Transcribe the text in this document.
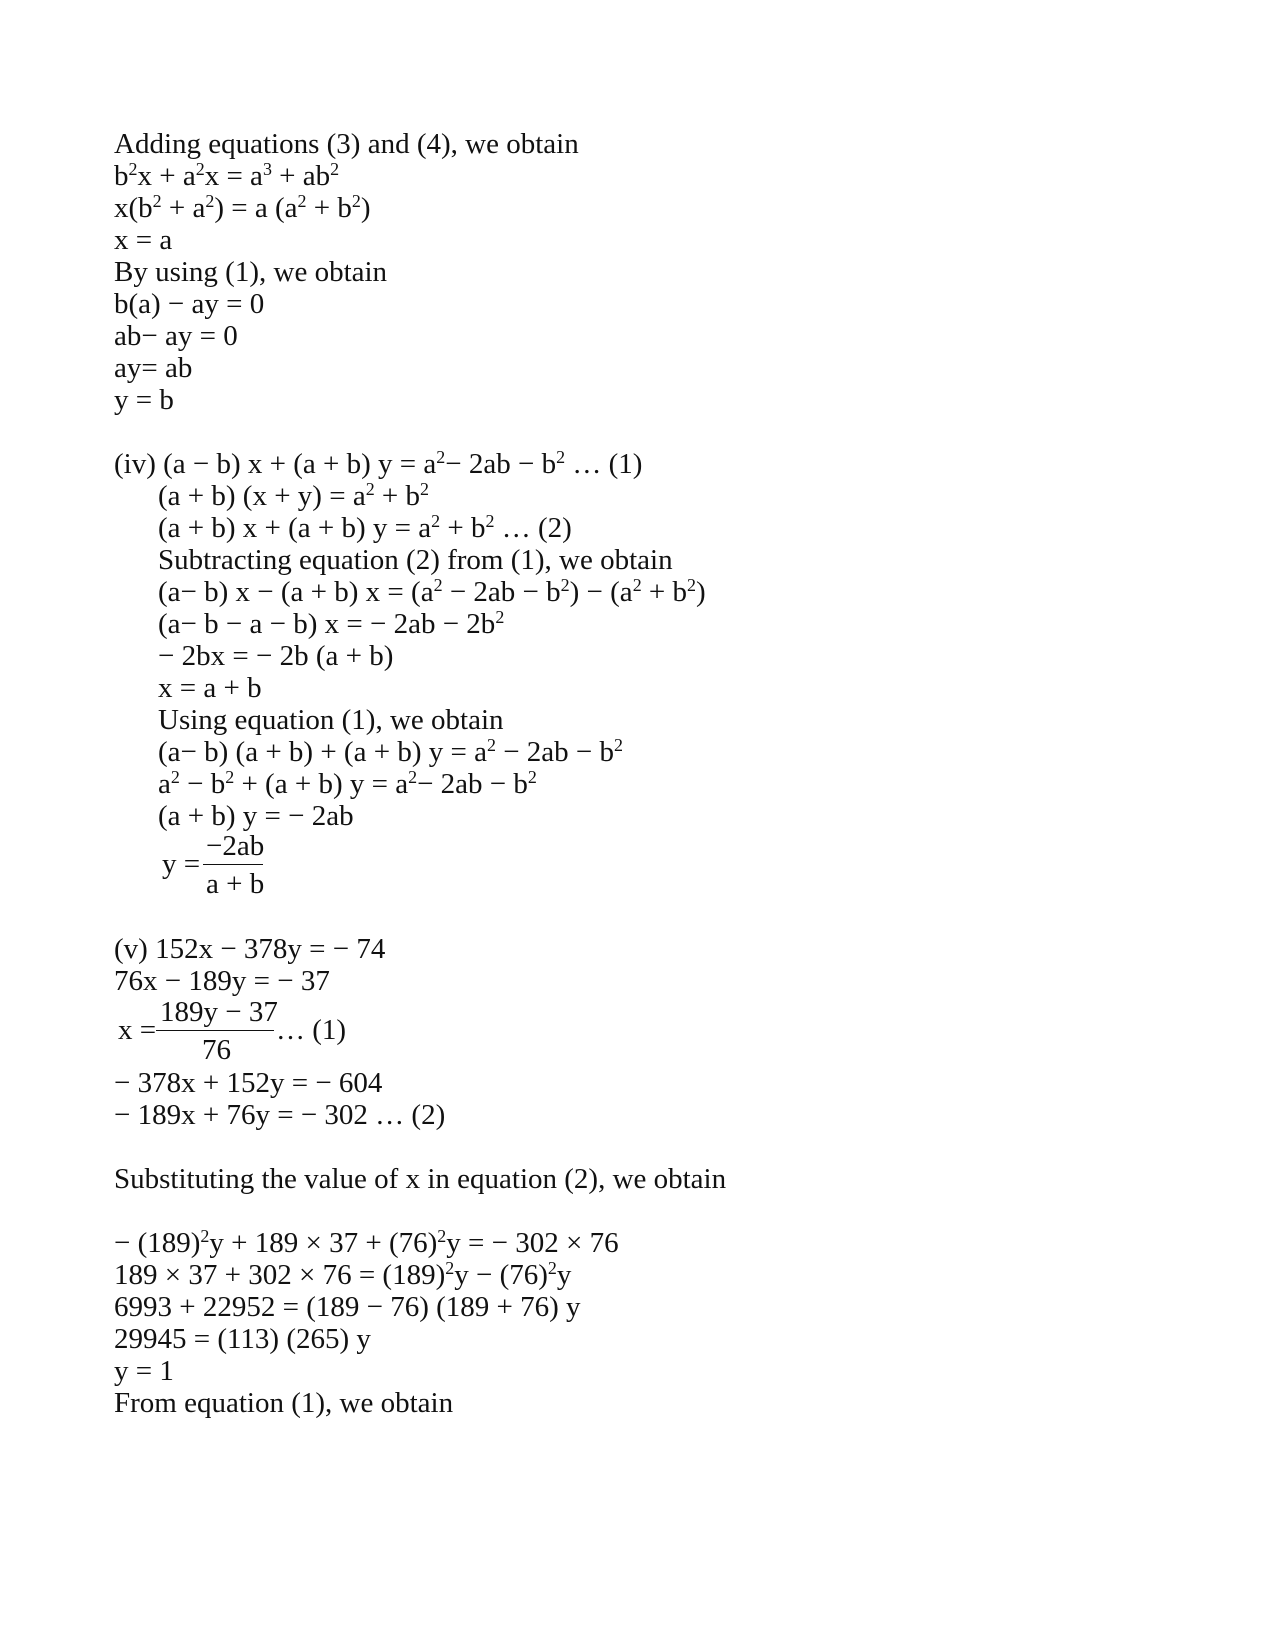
Adding equations (3) and (4), we obtain
$b^2x + a^2x = a^3 + ab^2$
$x(b^2 + a^2) = a$ $(a^2 + b^2)$
x = a
By using (1), we obtain
b(a) − ay = 0
ab− ay = 0
ay= ab
y = b
(iv) (a − b) x + (a + b) $y = a^2- 2ab - b^2$ … (1)
(a + b) $(x + y) = a^2 + b^2$
(a + b) x + (a + b) $y = a^2 + b^2$ … (2)
Subtracting equation (2) from (1), we obtain
(a− b) x − (a + b) $x = (a^2 - 2ab - b^2) - (a^2 + b^2)$
(a− b − a − b) x = − $2ab - 2b^2$
− 2bx = − 2b (a + b)
x = a + b
Using equation (1), we obtain
(a− b) (a + b) + (a + b) $y = a^2 - 2ab - b^2$
$a^2 - b^2 + (a + b) y = a^2- 2ab - b^2$
(a + b) y = − 2ab
y =
−2ab
a + b
(v) 152x − 378y = − 74
76x − 189y = − 37
x =
189y − 37
76
… (1)
− 378x + 152y = − 604
− 189x + 76y = − 302 … (2)
Substituting the value of x in equation (2), we obtain
− $(189)^2y + 189 \times 37 + (76)^2y$ = − 302 × 76
$189 \times 37 + 302 \times 76 = (189)^2y - (76)^2y$
6993 + 22952 = (189 − 76) (189 + 76) y
29945 = (113) (265) y
y = 1
From equation (1), we obtain
